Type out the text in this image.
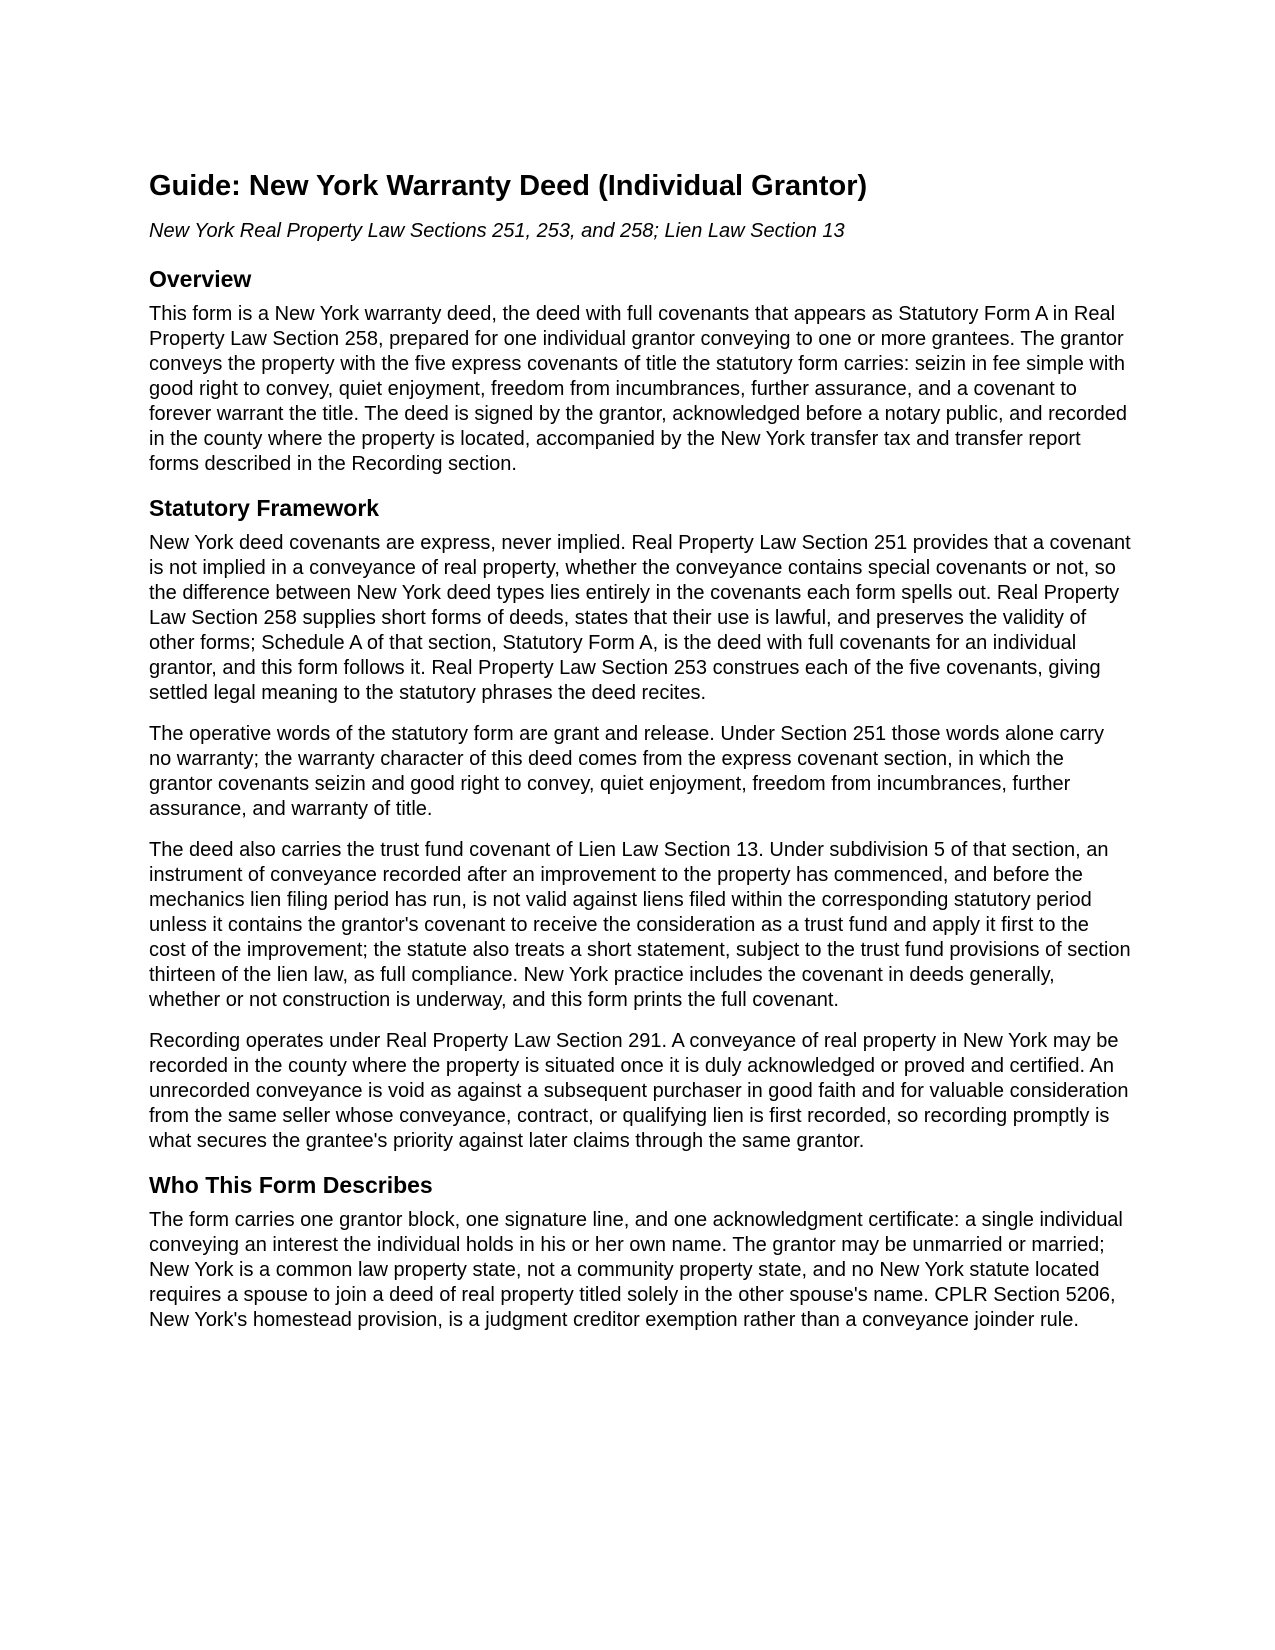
Guide: New York Warranty Deed (Individual Grantor)

New York Real Property Law Sections 251, 253, and 258; Lien Law Section 13

Overview

This form is a New York warranty deed, the deed with full covenants that appears as Statutory Form A in Real Property Law Section 258, prepared for one individual grantor conveying to one or more grantees. The grantor conveys the property with the five express covenants of title the statutory form carries: seizin in fee simple with good right to convey, quiet enjoyment, freedom from incumbrances, further assurance, and a covenant to forever warrant the title. The deed is signed by the grantor, acknowledged before a notary public, and recorded in the county where the property is located, accompanied by the New York transfer tax and transfer report forms described in the Recording section.

Statutory Framework

New York deed covenants are express, never implied. Real Property Law Section 251 provides that a covenant is not implied in a conveyance of real property, whether the conveyance contains special covenants or not, so the difference between New York deed types lies entirely in the covenants each form spells out. Real Property Law Section 258 supplies short forms of deeds, states that their use is lawful, and preserves the validity of other forms; Schedule A of that section, Statutory Form A, is the deed with full covenants for an individual grantor, and this form follows it. Real Property Law Section 253 construes each of the five covenants, giving settled legal meaning to the statutory phrases the deed recites.

The operative words of the statutory form are grant and release. Under Section 251 those words alone carry no warranty; the warranty character of this deed comes from the express covenant section, in which the grantor covenants seizin and good right to convey, quiet enjoyment, freedom from incumbrances, further assurance, and warranty of title.

The deed also carries the trust fund covenant of Lien Law Section 13. Under subdivision 5 of that section, an instrument of conveyance recorded after an improvement to the property has commenced, and before the mechanics lien filing period has run, is not valid against liens filed within the corresponding statutory period unless it contains the grantor's covenant to receive the consideration as a trust fund and apply it first to the cost of the improvement; the statute also treats a short statement, subject to the trust fund provisions of section thirteen of the lien law, as full compliance. New York practice includes the covenant in deeds generally, whether or not construction is underway, and this form prints the full covenant.

Recording operates under Real Property Law Section 291. A conveyance of real property in New York may be recorded in the county where the property is situated once it is duly acknowledged or proved and certified. An unrecorded conveyance is void as against a subsequent purchaser in good faith and for valuable consideration from the same seller whose conveyance, contract, or qualifying lien is first recorded, so recording promptly is what secures the grantee's priority against later claims through the same grantor.

Who This Form Describes

The form carries one grantor block, one signature line, and one acknowledgment certificate: a single individual conveying an interest the individual holds in his or her own name. The grantor may be unmarried or married; New York is a common law property state, not a community property state, and no New York statute located requires a spouse to join a deed of real property titled solely in the other spouse's name. CPLR Section 5206, New York's homestead provision, is a judgment creditor exemption rather than a conveyance joinder rule.
